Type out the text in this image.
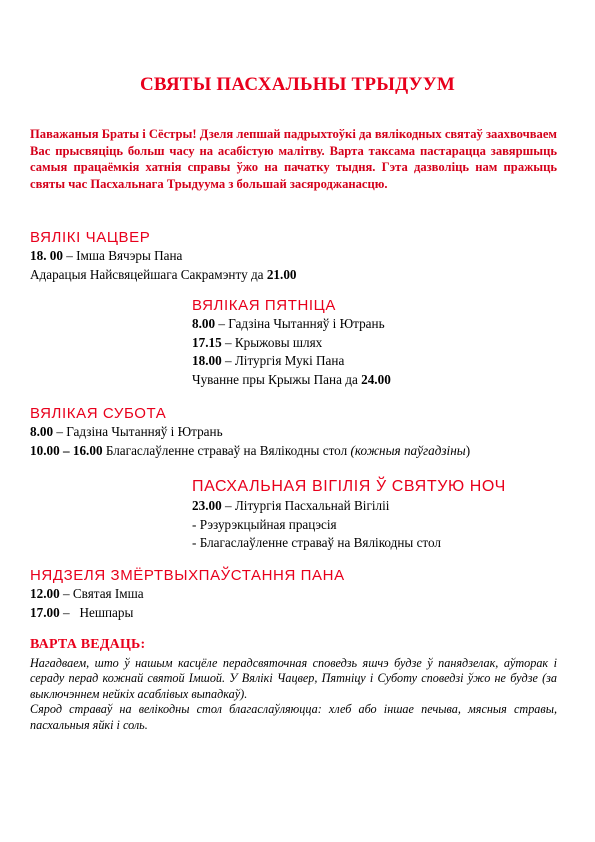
СВЯТЫ ПАСХАЛЬНЫ ТРЫДУУМ
Паважаныя Браты і Сёстры! Дзеля лепшай падрыхтоўкі да вялікодных святаў заахвочваем Вас прысвяціць больш часу на асабістую малітву. Варта таксама пастарацца завяршыць самыя працаёмкія хатнія справы ўжо на пачатку тыдня. Гэта дазволіць нам пражыць святы час Пасхальнага Трыдуума з большай засяроджанасцю.
ВЯЛІКІ ЧАЦВЕР
18. 00 – Імша Вячэры Пана
Адарацыя Найсвяцейшага Сакрамэнту да 21.00
ВЯЛІКАЯ ПЯТНІЦА
8.00 – Гадзіна Чытанняў і Ютрань
17.15 – Крыжовы шлях
18.00 – Літургія Мукі Пана
Чуванне пры Крыжы Пана да 24.00
ВЯЛІКАЯ СУБОТА
8.00 – Гадзіна Чытанняў і Ютрань
10.00 – 16.00 Благаслаўленне страваў на Вялікодны стол (кожныя паўгадзіны)
ПАСХАЛЬНАЯ ВІГІЛІЯ Ў СВЯТУЮ НОЧ
23.00 – Літургія Пасхальнай Вігіліі
- Рэзурэкцыйная працэсія
- Благаслаўленне страваў на Вялікодны стол
НЯДЗЕЛЯ ЗМЁРТВЫХПАЎСТАННЯ ПАНА
12.00 – Святая Імша
17.00 –   Нешпары
ВАРТА ВЕДАЦЬ:

Нагадваем, што ў нашым касцёле перадсвяточная споведзь яшчэ будзе ў панядзелак, аўторак і сераду перад кожнай святой Імшой. У Вялікі Чацвер, Пятніцу і Суботу споведзі ўжо не будзе (за выключэннем нейкіх асаблівых выпадкаў).

Сярод страваў на велікодны стол благаслаўляюцца: хлеб або іншае печыва, мясныя стравы, пасхальныя яйкі і соль.
